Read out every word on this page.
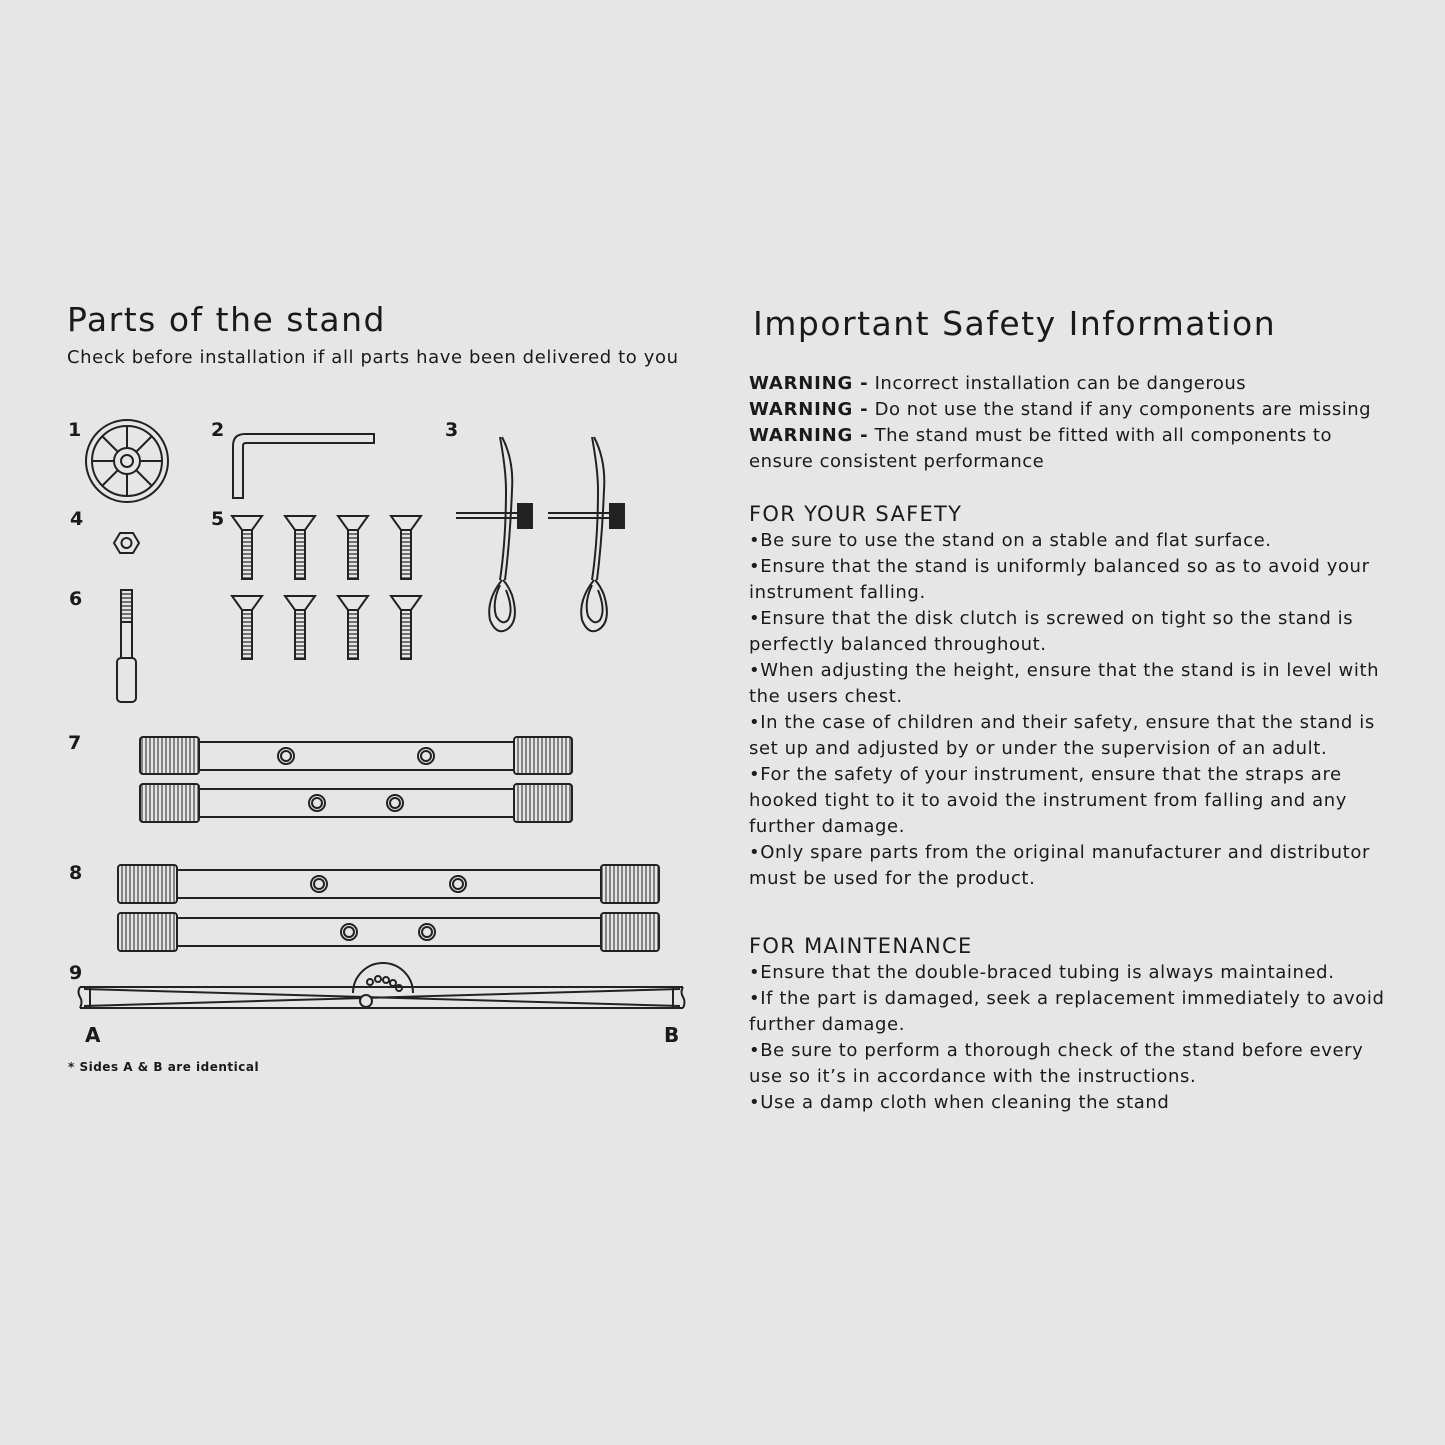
Parts of the stand
Check before installation if all parts have been delivered to you
1	2	3
4	5
6
7
8
9
A	B
* Sides A & B are identical
Important Safety Information
WARNING - Incorrect installation can be dangerous
WARNING - Do not use the stand if any components are missing
WARNING - The stand must be fitted with all components to ensure consistent performance
FOR YOUR SAFETY
•Be sure to use the stand on a stable and flat surface.
•Ensure that the stand is uniformly balanced so as to avoid your instrument falling.
•Ensure that the disk clutch is screwed on tight so the stand is perfectly balanced throughout.
•When adjusting the height, ensure that the stand is in level with the users chest.
•In the case of children and their safety, ensure that the stand is set up and adjusted by or under the supervision of an adult.
•For the safety of your instrument, ensure that the straps are hooked tight to it to avoid the instrument from falling and any further damage.
•Only spare parts from the original manufacturer and distributor must be used for the product.
FOR MAINTENANCE
•Ensure that the double-braced tubing is always maintained.
•If the part is damaged, seek a replacement immediately to avoid further damage.
•Be sure to perform a thorough check of the stand before every use so it’s in accordance with the instructions.
•Use a damp cloth when cleaning the stand
